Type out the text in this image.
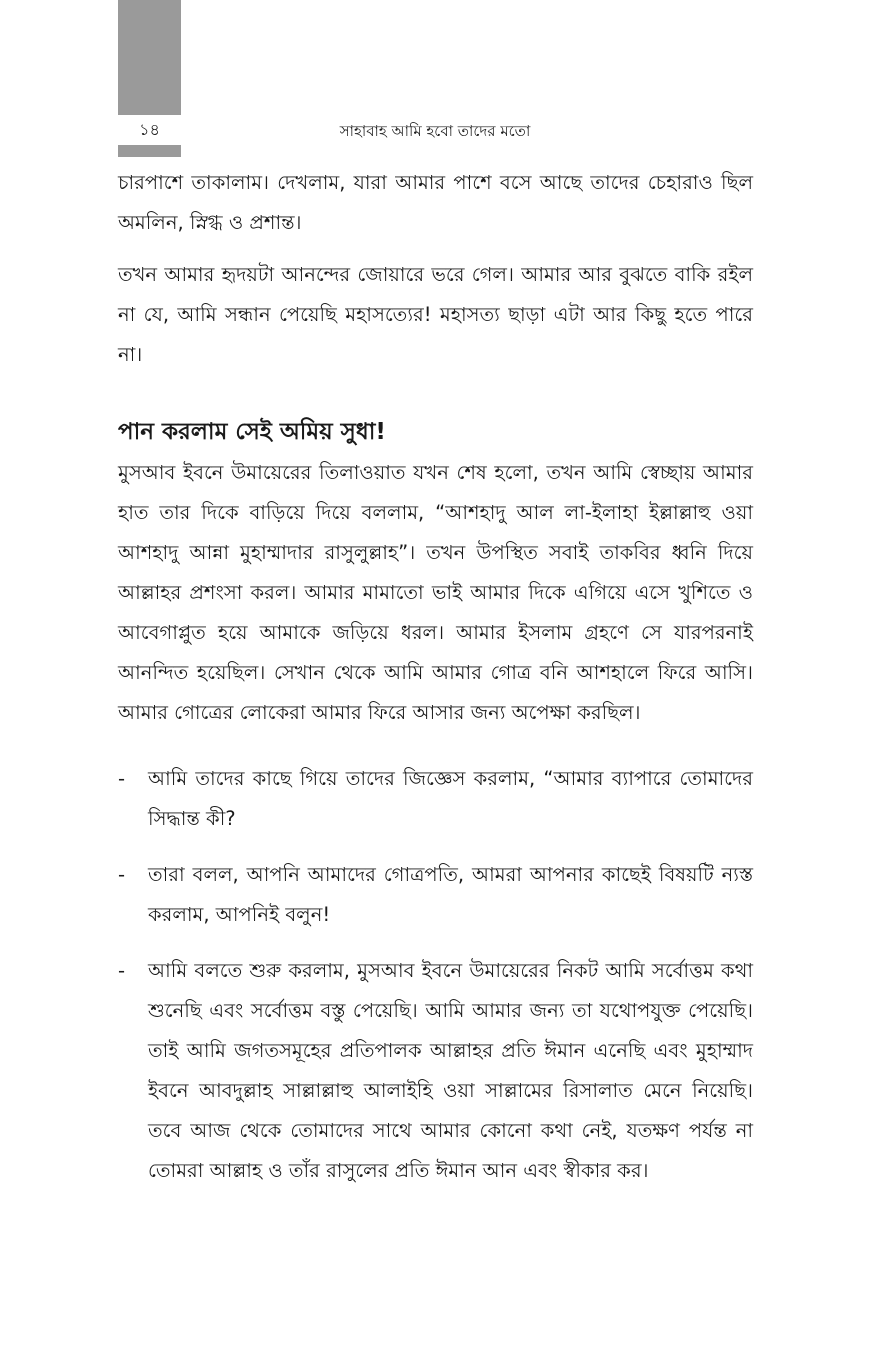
১৪	সাহাবাহ আমি হবো তাদের মতো

চারপাশে তাকালাম। দেখলাম, যারা আমার পাশে বসে আছে তাদের চেহারাও ছিল অমলিন, স্নিগ্ধ ও প্রশান্ত।

তখন আমার হৃদয়টা আনন্দের জোয়ারে ভরে গেল। আমার আর বুঝতে বাকি রইল না যে, আমি সন্ধান পেয়েছি মহাসত্যের! মহাসত্য ছাড়া এটা আর কিছু হতে পারে না।

পান করলাম সেই অমিয় সুধা!

মুসআব ইবনে উমায়েরের তিলাওয়াত যখন শেষ হলো, তখন আমি স্বেচ্ছায় আমার হাত তার দিকে বাড়িয়ে দিয়ে বললাম, “আশহাদু আল লা-ইলাহা ইল্লাল্লাহু ওয়া আশহাদু আন্না মুহাম্মাদার রাসুলুল্লাহ”। তখন উপস্থিত সবাই তাকবির ধ্বনি দিয়ে আল্লাহর প্রশংসা করল। আমার মামাতো ভাই আমার দিকে এগিয়ে এসে খুশিতে ও আবেগাপ্লুত হয়ে আমাকে জড়িয়ে ধরল। আমার ইসলাম গ্রহণে সে যারপরনাই আনন্দিত হয়েছিল। সেখান থেকে আমি আমার গোত্র বনি আশহালে ফিরে আসি। আমার গোত্রের লোকেরা আমার ফিরে আসার জন্য অপেক্ষা করছিল।

- আমি তাদের কাছে গিয়ে তাদের জিজ্ঞেস করলাম, “আমার ব্যাপারে তোমাদের সিদ্ধান্ত কী?
- তারা বলল, আপনি আমাদের গোত্রপতি, আমরা আপনার কাছেই বিষয়টি ন্যস্ত করলাম, আপনিই বলুন!
- আমি বলতে শুরু করলাম, মুসআব ইবনে উমায়েরের নিকট আমি সর্বোত্তম কথা শুনেছি এবং সর্বোত্তম বস্তু পেয়েছি। আমি আমার জন্য তা যথোপযুক্ত পেয়েছি। তাই আমি জগতসমূহের প্রতিপালক আল্লাহর প্রতি ঈমান এনেছি এবং মুহাম্মাদ ইবনে আবদুল্লাহ সাল্লাল্লাহু আলাইহি ওয়া সাল্লামের রিসালাত মেনে নিয়েছি। তবে আজ থেকে তোমাদের সাথে আমার কোনো কথা নেই, যতক্ষণ পর্যন্ত না তোমরা আল্লাহ ও তাঁর রাসুলের প্রতি ঈমান আন এবং স্বীকার কর।
